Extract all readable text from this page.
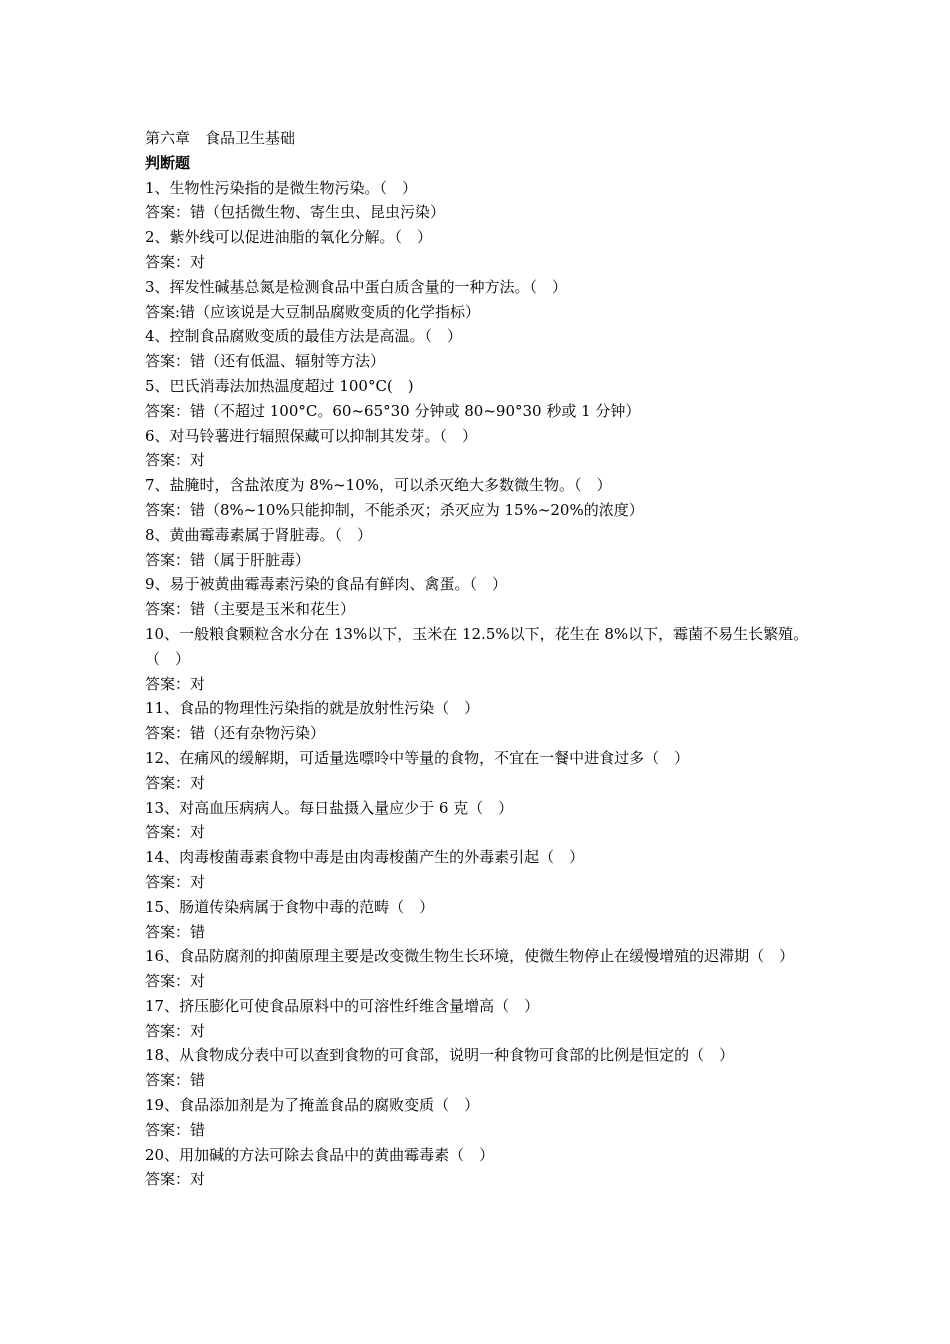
第六章　食品卫生基础
判断题
1、生物性污染指的是微生物污染。（　）
答案：错（包括微生物、寄生虫、昆虫污染）
2、紫外线可以促进油脂的氧化分解。（　）
答案：对
3、挥发性碱基总氮是检测食品中蛋白质含量的一种方法。（　）
答案:错（应该说是大豆制品腐败变质的化学指标）
4、控制食品腐败变质的最佳方法是高温。（　）
答案：错（还有低温、辐射等方法）
5、巴氏消毒法加热温度超过 100°C(　)
答案：错（不超过 100°C。60~65°30 分钟或 80~90°30 秒或 1 分钟）
6、对马铃薯进行辐照保藏可以抑制其发芽。（　）
答案：对
7、盐腌时，含盐浓度为 8%~10%，可以杀灭绝大多数微生物。（　）
答案：错（8%~10%只能抑制，不能杀灭；杀灭应为 15%~20%的浓度）
8、黄曲霉毒素属于肾脏毒。（　）
答案：错（属于肝脏毒）
9、易于被黄曲霉毒素污染的食品有鲜肉、禽蛋。（　）
答案：错（主要是玉米和花生）
10、一般粮食颗粒含水分在 13%以下，玉米在 12.5%以下，花生在 8%以下，霉菌不易生长繁殖。（　）
答案：对
11、食品的物理性污染指的就是放射性污染（　）
答案：错（还有杂物污染）
12、在痛风的缓解期，可适量选嘌呤中等量的食物，不宜在一餐中进食过多（　）
答案：对
13、对高血压病病人。每日盐摄入量应少于 6 克（　）
答案：对
14、肉毒梭菌毒素食物中毒是由肉毒梭菌产生的外毒素引起（　）
答案：对
15、肠道传染病属于食物中毒的范畴（　）
答案：错
16、食品防腐剂的抑菌原理主要是改变微生物生长环境，使微生物停止在缓慢增殖的迟滞期（　）
答案：对
17、挤压膨化可使食品原料中的可溶性纤维含量增高（　）
答案：对
18、从食物成分表中可以查到食物的可食部，说明一种食物可食部的比例是恒定的（　）
答案：错
19、食品添加剂是为了掩盖食品的腐败变质（　）
答案：错
20、用加碱的方法可除去食品中的黄曲霉毒素（　）
答案：对
